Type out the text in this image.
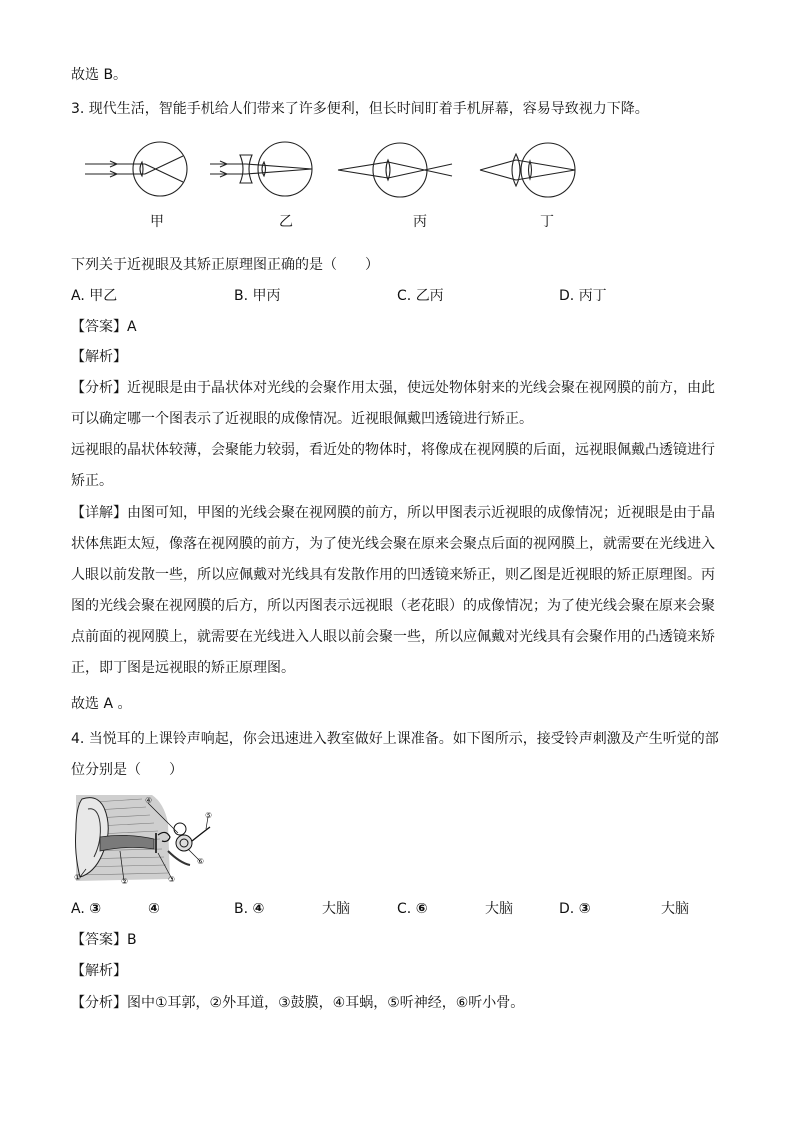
故选 B。
3. 现代生活，智能手机给人们带来了许多便利，但长时间盯着手机屏幕，容易导致视力下降。
甲	乙	丙	丁
下列关于近视眼及其矫正原理图正确的是（　　）
A. 甲乙	B. 甲丙	C. 乙丙	D. 丙丁
【答案】A
【解析】
【分析】近视眼是由于晶状体对光线的会聚作用太强，使远处物体射来的光线会聚在视网膜的前方，由此
可以确定哪一个图表示了近视眼的成像情况。近视眼佩戴凹透镜进行矫正。
远视眼的晶状体较薄，会聚能力较弱，看近处的物体时，将像成在视网膜的后面，远视眼佩戴凸透镜进行
矫正。
【详解】由图可知，甲图的光线会聚在视网膜的前方，所以甲图表示近视眼的成像情况；近视眼是由于晶
状体焦距太短，像落在视网膜的前方，为了使光线会聚在原来会聚点后面的视网膜上，就需要在光线进入
人眼以前发散一些，所以应佩戴对光线具有发散作用的凹透镜来矫正，则乙图是近视眼的矫正原理图。丙
图的光线会聚在视网膜的后方，所以丙图表示远视眼（老花眼）的成像情况；为了使光线会聚在原来会聚
点前面的视网膜上，就需要在光线进入人眼以前会聚一些，所以应佩戴对光线具有会聚作用的凸透镜来矫
正，即丁图是远视眼的矫正原理图。
故选 A 。
4. 当悦耳的上课铃声响起，你会迅速进入教室做好上课准备。如下图所示，接受铃声刺激及产生听觉的部
位分别是（　　）
①	②	③
④
⑤
⑥
A. ③	④	B. ④	大脑	C. ⑥	大脑	D. ③	大脑
【答案】B
【解析】
【分析】图中①耳郭，②外耳道，③鼓膜，④耳蜗，⑤听神经，⑥听小骨。
